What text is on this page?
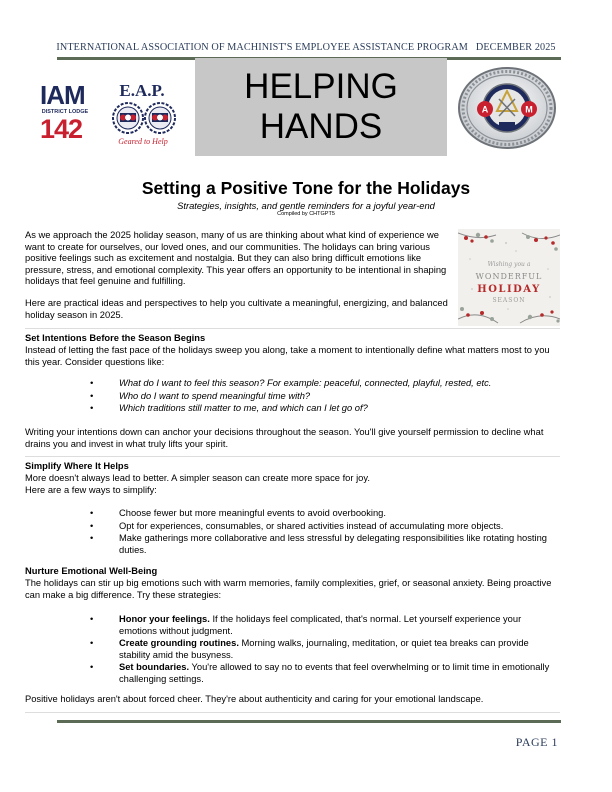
INTERNATIONAL ASSOCIATION OF MACHINIST'S EMPLOYEE ASSISTANCE PROGRAM DECEMBER 2025
IAM
DISTRICT LODGE
142
E.A.P.
Geared to Help
HELPING
HANDS	A	M
Setting a Positive Tone for the Holidays
Strategies, insights, and gentle reminders for a joyful year-end
Compiled by CHTGPT5
Wishing you a
WONDERFUL
HOLIDAY
SEASON

As we approach the 2025 holiday season, many of us are thinking about what kind of experience we want to create for ourselves, our loved ones, and our communities. The holidays can bring various positive feelings such as excitement and nostalgia. But they can also bring difficult emotions like pressure, stress, and emotional complexity. This year offers an opportunity to be intentional in shaping holidays that feel genuine and fulfilling.

Here are practical ideas and perspectives to help you cultivate a meaningful, energizing, and balanced holiday season in 2025.

Set Intentions Before the Season Begins

Instead of letting the fast pace of the holidays sweep you along, take a moment to intentionally define what matters most to you this year. Consider questions like:

• What do I want to feel this season? For example: peaceful, connected, playful, rested, etc.
• Who do I want to spend meaningful time with?
• Which traditions still matter to me, and which can I let go of?

Writing your intentions down can anchor your decisions throughout the season. You'll give yourself permission to decline what drains you and invest in what truly lifts your spirit.

Simplify Where It Helps

More doesn't always lead to better. A simpler season can create more space for joy.

Here are a few ways to simplify:

• Choose fewer but more meaningful events to avoid overbooking.
• Opt for experiences, consumables, or shared activities instead of accumulating more objects.
• Make gatherings more collaborative and less stressful by delegating responsibilities like rotating hosting duties.
Nurture Emotional Well-Being

The holidays can stir up big emotions such with warm memories, family complexities, grief, or seasonal anxiety. Being proactive can make a big difference. Try these strategies:

• Honor your feelings. If the holidays feel complicated, that's normal. Let yourself experience your emotions without judgment.
• Create grounding routines. Morning walks, journaling, meditation, or quiet tea breaks can provide stability amid the busyness.
• Set boundaries. You're allowed to say no to events that feel overwhelming or to limit time in emotionally challenging settings.

Positive holidays aren't about forced cheer. They're about authenticity and caring for your emotional landscape.

PAGE 1
